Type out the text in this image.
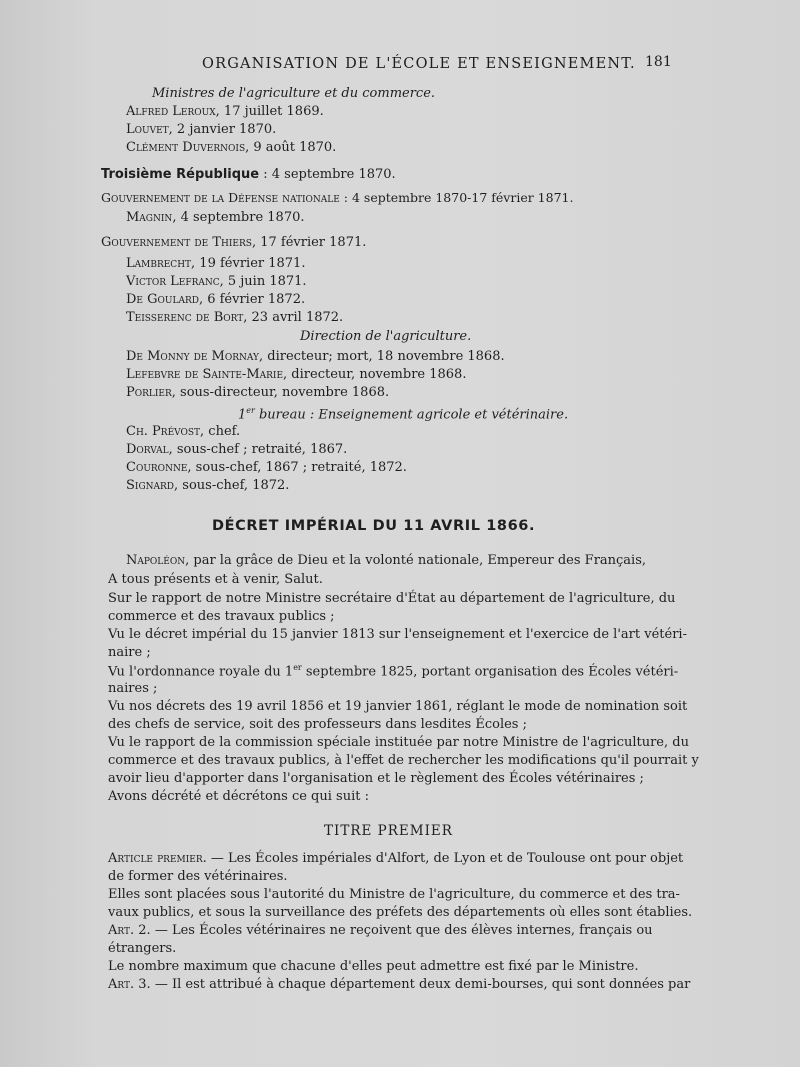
ORGANISATION DE L'ÉCOLE ET ENSEIGNEMENT. 181
Ministres de l'agriculture et du commerce.
Alfred Leroux, 17 juillet 1869.
Louvet, 2 janvier 1870.
Clément Duvernois, 9 août 1870.
Troisième République : 4 septembre 1870.
Gouvernement de la Défense nationale : 4 septembre 1870-17 février 1871.
Magnin, 4 septembre 1870.
Gouvernement de Thiers, 17 février 1871.
Lambrecht, 19 février 1871.
Victor Lefranc, 5 juin 1871.
De Goulard, 6 février 1872.
Teisserenc de Bort, 23 avril 1872.
Direction de l'agriculture.
De Monny de Mornay, directeur; mort, 18 novembre 1868.
Lefebvre de Sainte-Marie, directeur, novembre 1868.
Porlier, sous-directeur, novembre 1868.
1er bureau : Enseignement agricole et vétérinaire.
Ch. Prévost, chef.
Dorval, sous-chef ; retraité, 1867.
Couronne, sous-chef, 1867 ; retraité, 1872.
Signard, sous-chef, 1872.
DÉCRET IMPÉRIAL DU 11 AVRIL 1866.
Napoléon, par la grâce de Dieu et la volonté nationale, Empereur des Français,
A tous présents et à venir, Salut.
Sur le rapport de notre Ministre secrétaire d'État au département de l'agriculture, du
commerce et des travaux publics ;
Vu le décret impérial du 15 janvier 1813 sur l'enseignement et l'exercice de l'art vétéri-
naire ;
Vu l'ordonnance royale du 1er septembre 1825, portant organisation des Écoles vétéri-
naires ;
Vu nos décrets des 19 avril 1856 et 19 janvier 1861, réglant le mode de nomination soit
des chefs de service, soit des professeurs dans lesdites Écoles ;
Vu le rapport de la commission spéciale instituée par notre Ministre de l'agriculture, du
commerce et des travaux publics, à l'effet de rechercher les modifications qu'il pourrait y
avoir lieu d'apporter dans l'organisation et le règlement des Écoles vétérinaires ;
Avons décrété et décrétons ce qui suit :
TITRE PREMIER
Article premier. — Les Écoles impériales d'Alfort, de Lyon et de Toulouse ont pour objet
de former des vétérinaires.
Elles sont placées sous l'autorité du Ministre de l'agriculture, du commerce et des tra-
vaux publics, et sous la surveillance des préfets des départements où elles sont établies.
Art. 2. — Les Écoles vétérinaires ne reçoivent que des élèves internes, français ou
étrangers.
Le nombre maximum que chacune d'elles peut admettre est fixé par le Ministre.
Art. 3. — Il est attribué à chaque département deux demi-bourses, qui sont données par
